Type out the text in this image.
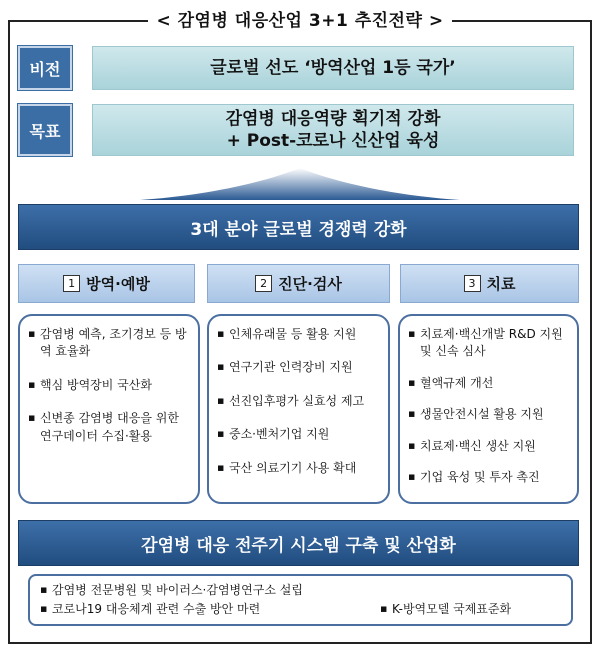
< 감염병 대응산업 3+1 추진전략 >
비전	글로벌 선도 ‘방역산업 1등 국가’
목표
감염병 대응역량 획기적 강화
+ Post-코로나 신산업 육성
3대 분야 글로벌 경쟁력 강화
1 방역·예방	2 진단·검사	3 치료
▪ 감염병 예측, 조기경보 등 방역 효율화
▪ 핵심 방역장비 국산화
▪ 신변종 감염병 대응을 위한 연구데이터 수집·활용
▪ 인체유래물 등 활용 지원
▪ 연구기관 인력장비 지원
▪ 선진입후평가 실효성 제고
▪ 중소·벤처기업 지원
▪ 국산 의료기기 사용 확대
▪ 치료제·백신개발 R&D 지원 및 신속 심사
▪ 혈액규제 개선
▪ 생물안전시설 활용 지원
▪ 치료제·백신 생산 지원
▪ 기업 육성 및 투자 촉진
감염병 대응 전주기 시스템 구축 및 산업화
▪ 감염병 전문병원 및 바이러스·감염병연구소 설립
▪ 코로나19 대응체계 관련 수출 방안 마련
▪	K-방역모델 국제표준화
